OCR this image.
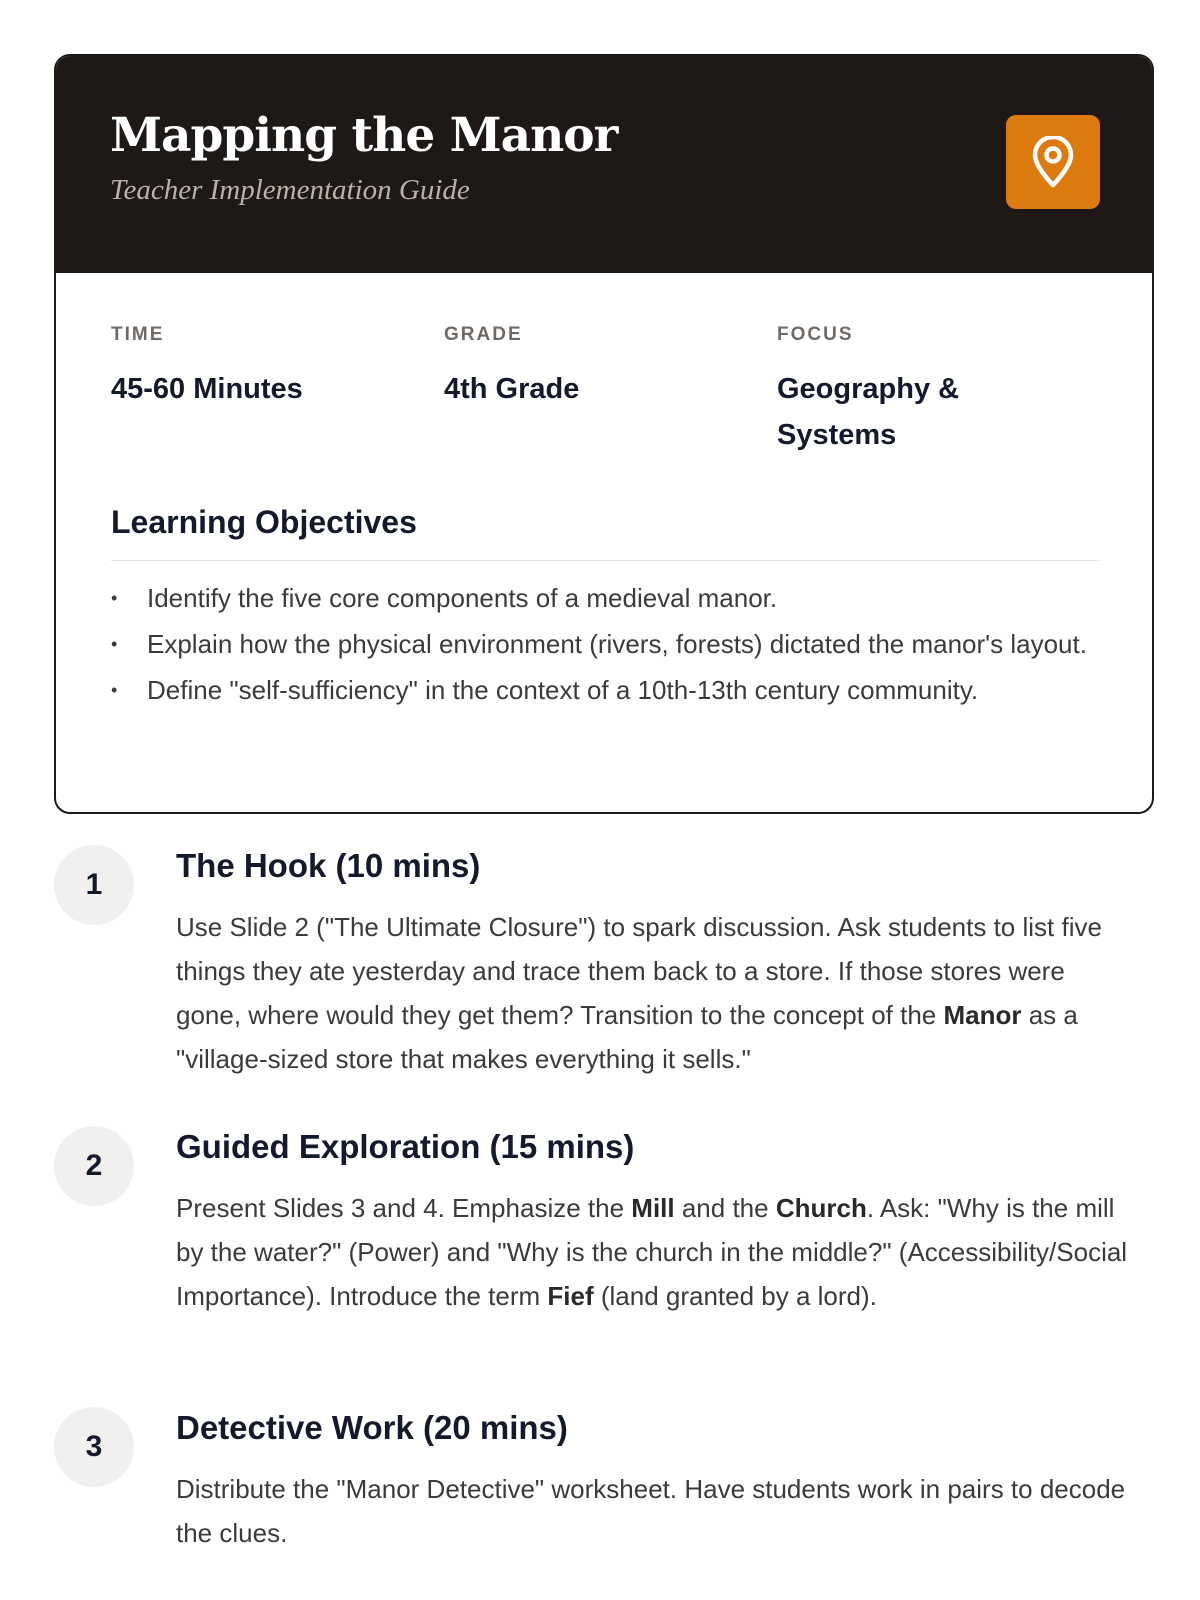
Mapping the Manor
Teacher Implementation Guide
TIME
45-60 Minutes
GRADE
4th Grade
FOCUS
Geography & Systems
Learning Objectives
• Identify the five core components of a medieval manor.
• Explain how the physical environment (rivers, forests) dictated the manor's layout.
• Define "self-sufficiency" in the context of a 10th-13th century community.
1
The Hook (10 mins)
Use Slide 2 ("The Ultimate Closure") to spark discussion. Ask students to list five things they ate yesterday and trace them back to a store. If those stores were gone, where would they get them? Transition to the concept of the Manor as a "village-sized store that makes everything it sells."
2
Guided Exploration (15 mins)
Present Slides 3 and 4. Emphasize the Mill and the Church. Ask: "Why is the mill by the water?" (Power) and "Why is the church in the middle?" (Accessibility/Social Importance). Introduce the term Fief (land granted by a lord).
3
Detective Work (20 mins)
Distribute the "Manor Detective" worksheet. Have students work in pairs to decode the clues.
